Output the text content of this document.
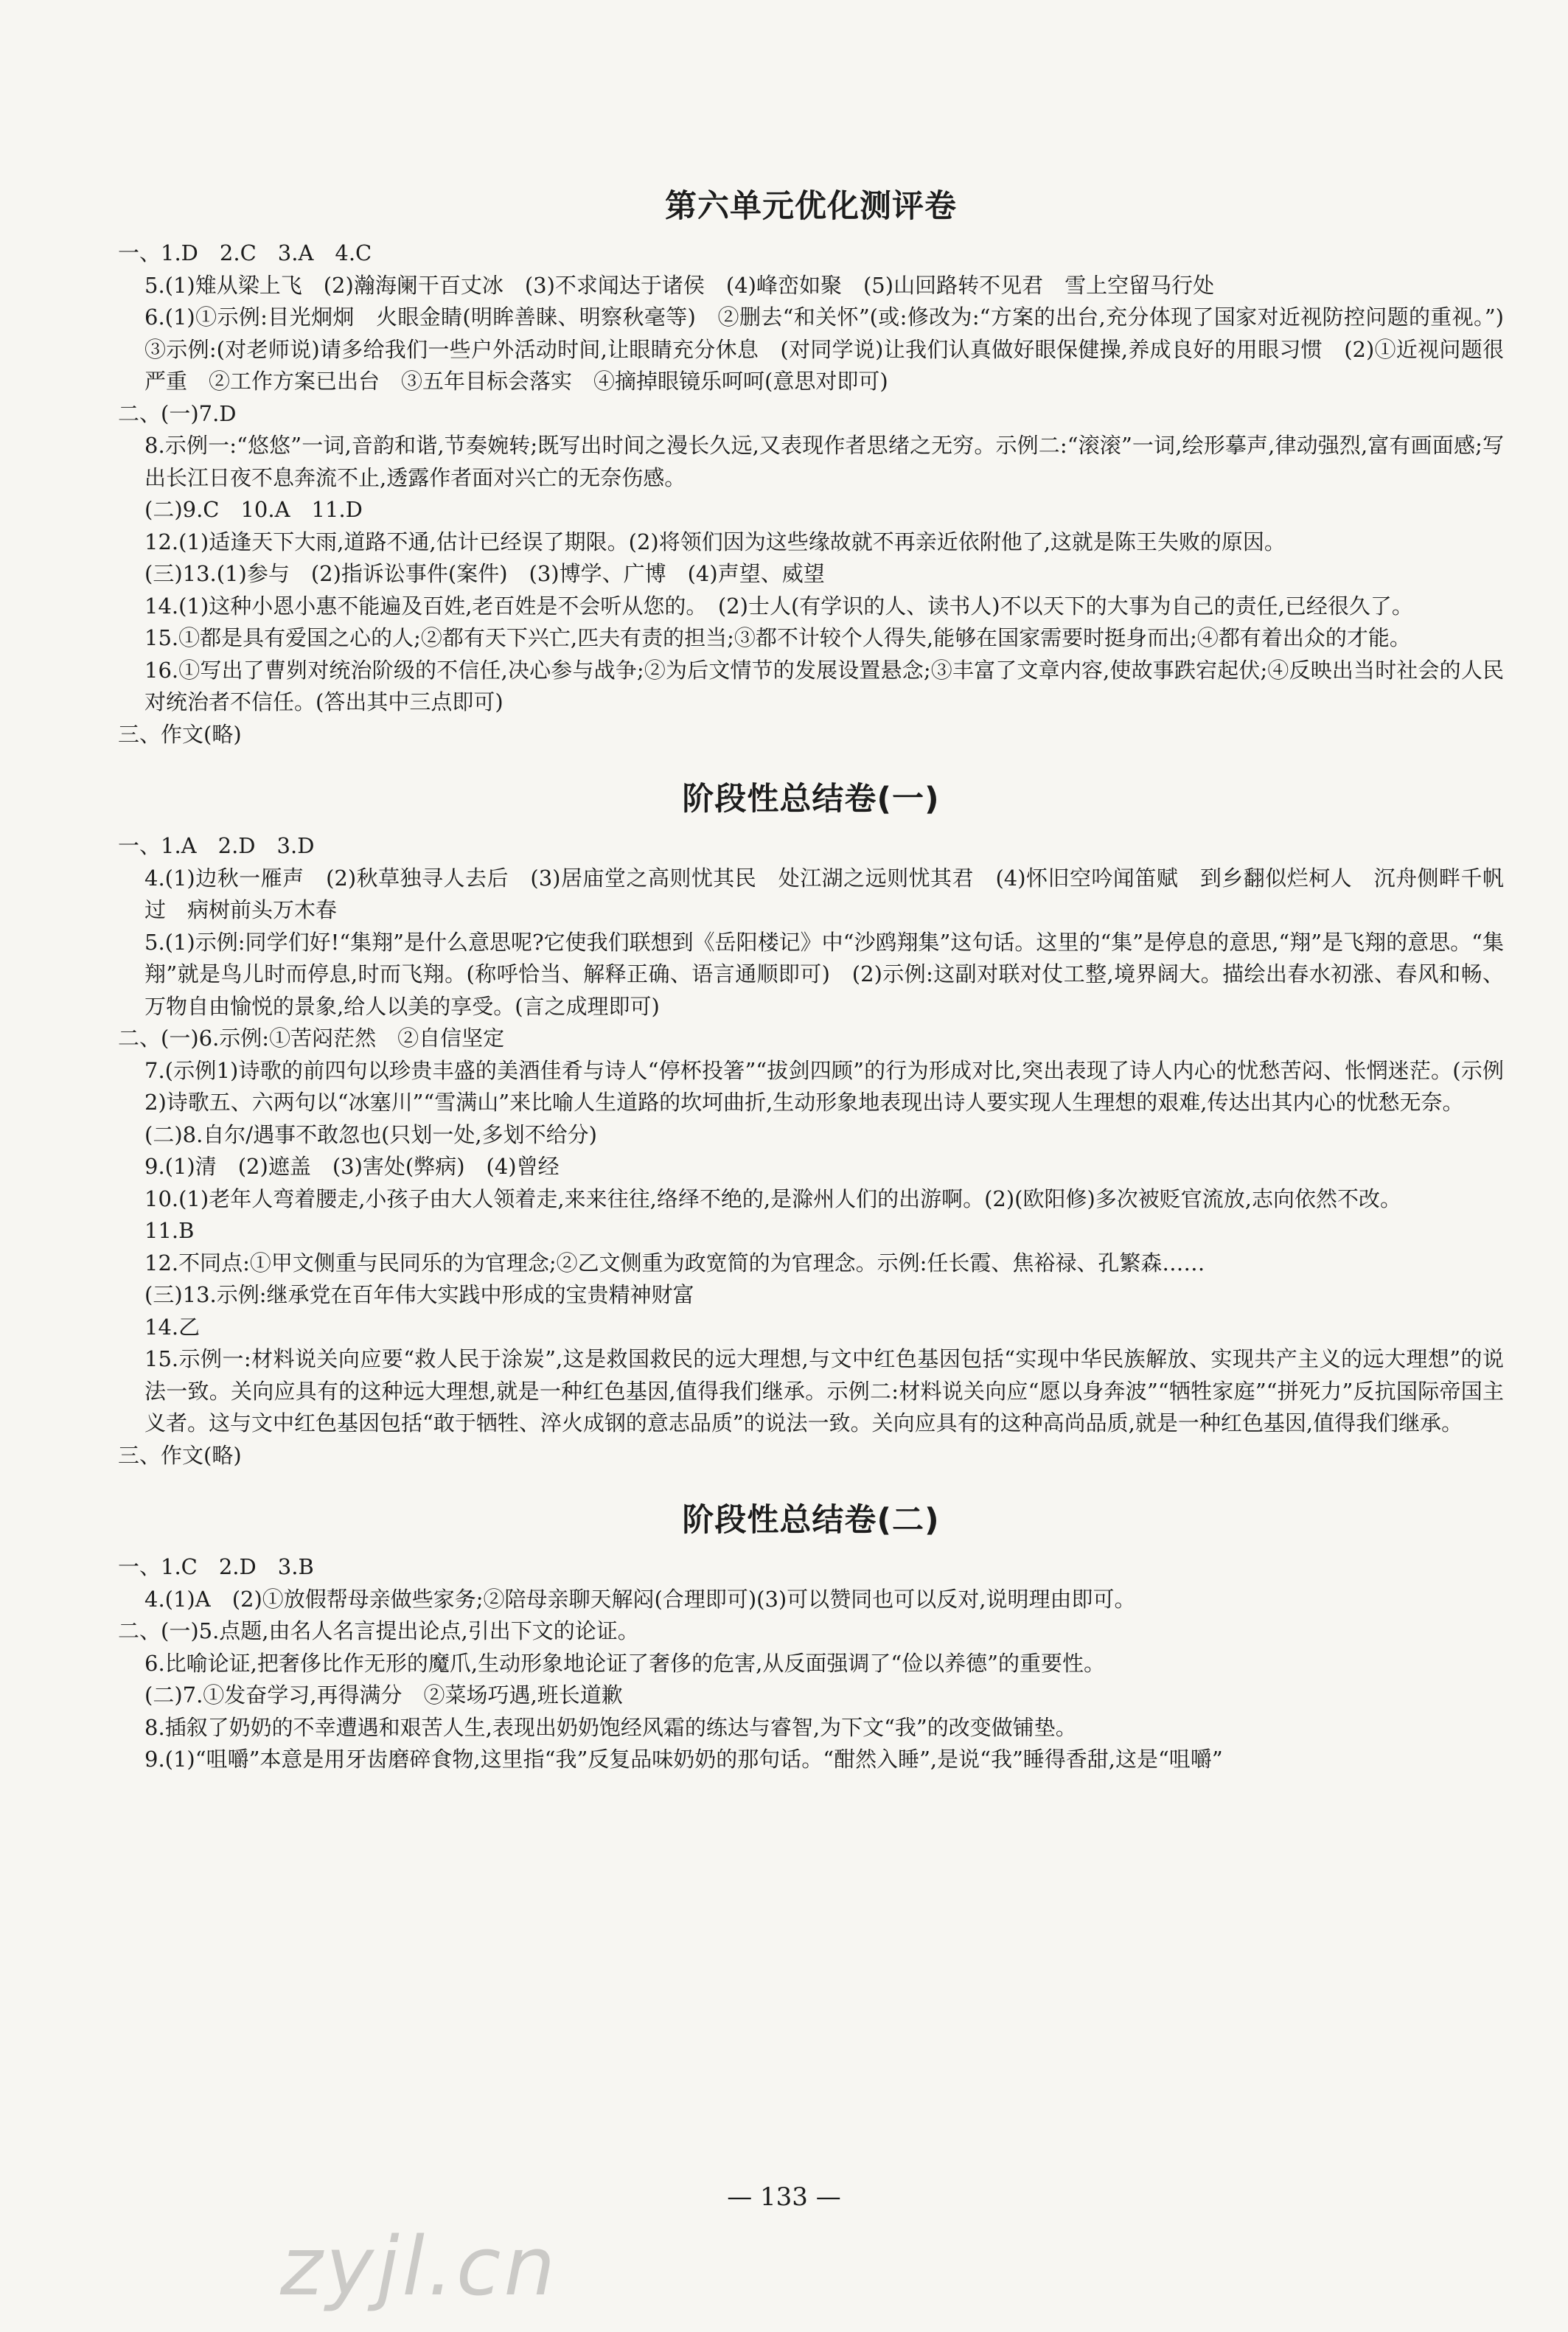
第六单元优化测评卷
一、1.D　2.C　3.A　4.C
5.(1)雉从梁上飞　(2)瀚海阑干百丈冰　(3)不求闻达于诸侯　(4)峰峦如聚　(5)山回路转不见君　雪上空留马行处
6.(1)①示例:目光炯炯　火眼金睛(明眸善睐、明察秋毫等)　②删去“和关怀”(或:修改为:“方案的出台,充分体现了国家对近视防控问题的重视。”)　③示例:(对老师说)请多给我们一些户外活动时间,让眼睛充分休息　(对同学说)让我们认真做好眼保健操,养成良好的用眼习惯　(2)①近视问题很严重　②工作方案已出台　③五年目标会落实　④摘掉眼镜乐呵呵(意思对即可)
二、(一)7.D
8.示例一:“悠悠”一词,音韵和谐,节奏婉转;既写出时间之漫长久远,又表现作者思绪之无穷。示例二:“滚滚”一词,绘形摹声,律动强烈,富有画面感;写出长江日夜不息奔流不止,透露作者面对兴亡的无奈伤感。
(二)9.C　10.A　11.D
12.(1)适逢天下大雨,道路不通,估计已经误了期限。(2)将领们因为这些缘故就不再亲近依附他了,这就是陈王失败的原因。
(三)13.(1)参与　(2)指诉讼事件(案件)　(3)博学、广博　(4)声望、威望
14.(1)这种小恩小惠不能遍及百姓,老百姓是不会听从您的。　(2)士人(有学识的人、读书人)不以天下的大事为自己的责任,已经很久了。
15.①都是具有爱国之心的人;②都有天下兴亡,匹夫有责的担当;③都不计较个人得失,能够在国家需要时挺身而出;④都有着出众的才能。
16.①写出了曹刿对统治阶级的不信任,决心参与战争;②为后文情节的发展设置悬念;③丰富了文章内容,使故事跌宕起伏;④反映出当时社会的人民对统治者不信任。(答出其中三点即可)
三、作文(略)
阶段性总结卷(一)
一、1.A　2.D　3.D
4.(1)边秋一雁声　(2)秋草独寻人去后　(3)居庙堂之高则忧其民　处江湖之远则忧其君　(4)怀旧空吟闻笛赋　到乡翻似烂柯人　沉舟侧畔千帆过　病树前头万木春
5.(1)示例:同学们好!“集翔”是什么意思呢?它使我们联想到《岳阳楼记》中“沙鸥翔集”这句话。这里的“集”是停息的意思,“翔”是飞翔的意思。“集翔”就是鸟儿时而停息,时而飞翔。(称呼恰当、解释正确、语言通顺即可)　(2)示例:这副对联对仗工整,境界阔大。描绘出春水初涨、春风和畅、万物自由愉悦的景象,给人以美的享受。(言之成理即可)
二、(一)6.示例:①苦闷茫然　②自信坚定
7.(示例1)诗歌的前四句以珍贵丰盛的美酒佳肴与诗人“停杯投箸”“拔剑四顾”的行为形成对比,突出表现了诗人内心的忧愁苦闷、怅惘迷茫。(示例2)诗歌五、六两句以“冰塞川”“雪满山”来比喻人生道路的坎坷曲折,生动形象地表现出诗人要实现人生理想的艰难,传达出其内心的忧愁无奈。
(二)8.自尔/遇事不敢忽也(只划一处,多划不给分)
9.(1)清　(2)遮盖　(3)害处(弊病)　(4)曾经
10.(1)老年人弯着腰走,小孩子由大人领着走,来来往往,络绎不绝的,是滁州人们的出游啊。(2)(欧阳修)多次被贬官流放,志向依然不改。
11.B
12.不同点:①甲文侧重与民同乐的为官理念;②乙文侧重为政宽简的为官理念。示例:任长霞、焦裕禄、孔繁森……
(三)13.示例:继承党在百年伟大实践中形成的宝贵精神财富
14.乙
15.示例一:材料说关向应要“救人民于涂炭”,这是救国救民的远大理想,与文中红色基因包括“实现中华民族解放、实现共产主义的远大理想”的说法一致。关向应具有的这种远大理想,就是一种红色基因,值得我们继承。示例二:材料说关向应“愿以身奔波”“牺牲家庭”“拼死力”反抗国际帝国主义者。这与文中红色基因包括“敢于牺牲、淬火成钢的意志品质”的说法一致。关向应具有的这种高尚品质,就是一种红色基因,值得我们继承。
三、作文(略)
阶段性总结卷(二)
一、1.C　2.D　3.B
4.(1)A　(2)①放假帮母亲做些家务;②陪母亲聊天解闷(合理即可)(3)可以赞同也可以反对,说明理由即可。
二、(一)5.点题,由名人名言提出论点,引出下文的论证。
6.比喻论证,把奢侈比作无形的魔爪,生动形象地论证了奢侈的危害,从反面强调了“俭以养德”的重要性。
(二)7.①发奋学习,再得满分　②菜场巧遇,班长道歉
8.插叙了奶奶的不幸遭遇和艰苦人生,表现出奶奶饱经风霜的练达与睿智,为下文“我”的改变做铺垫。
9.(1)“咀嚼”本意是用牙齿磨碎食物,这里指“我”反复品味奶奶的那句话。“酣然入睡”,是说“我”睡得香甜,这是“咀嚼”
— 133 —
zyjl.cn
